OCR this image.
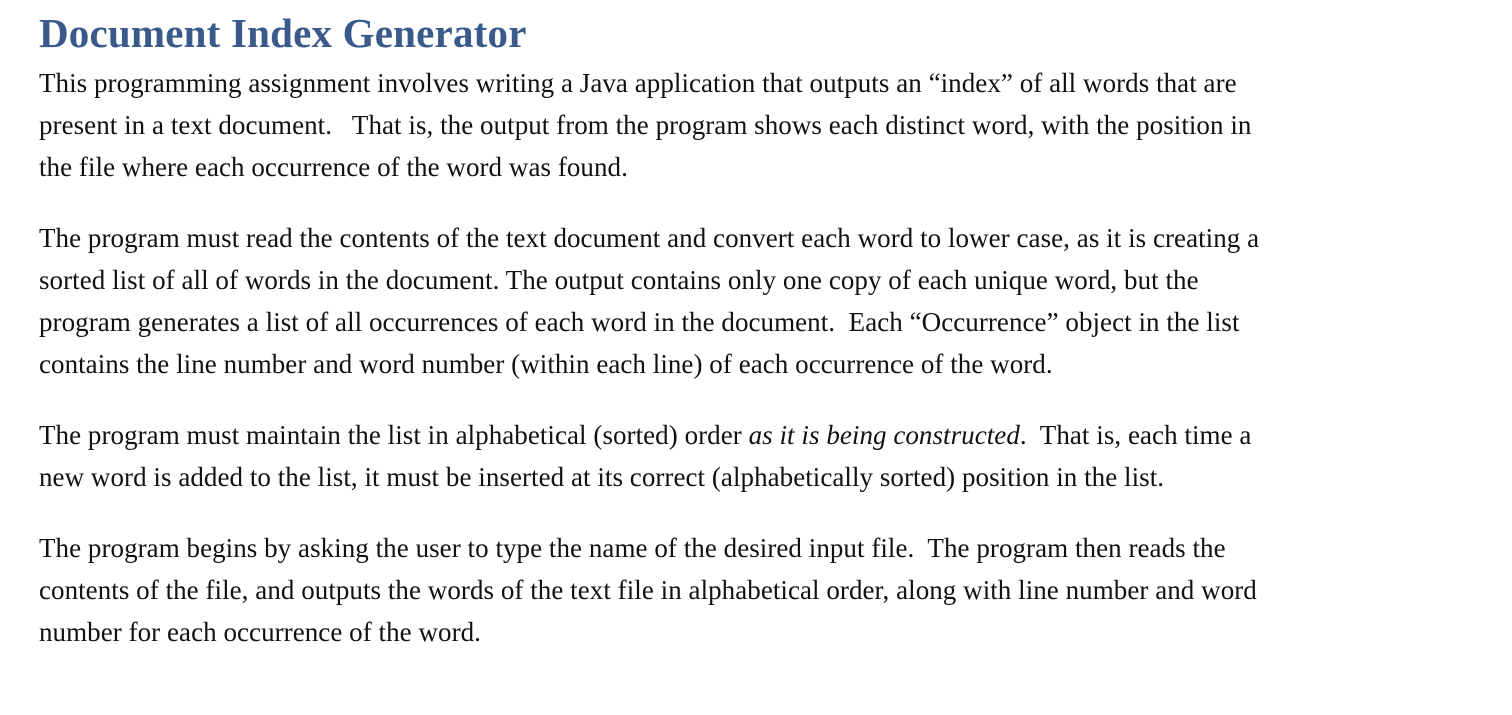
Document Index Generator

This programming assignment involves writing a Java application that outputs an “index” of all words that are
present in a text document.   That is, the output from the program shows each distinct word, with the position in
the file where each occurrence of the word was found.

The program must read the contents of the text document and convert each word to lower case, as it is creating a
sorted list of all of words in the document. The output contains only one copy of each unique word, but the
program generates a list of all occurrences of each word in the document.  Each “Occurrence” object in the list
contains the line number and word number (within each line) of each occurrence of the word.

The program must maintain the list in alphabetical (sorted) order as it is being constructed.  That is, each time a
new word is added to the list, it must be inserted at its correct (alphabetically sorted) position in the list.

The program begins by asking the user to type the name of the desired input file.  The program then reads the
contents of the file, and outputs the words of the text file in alphabetical order, along with line number and word
number for each occurrence of the word.
